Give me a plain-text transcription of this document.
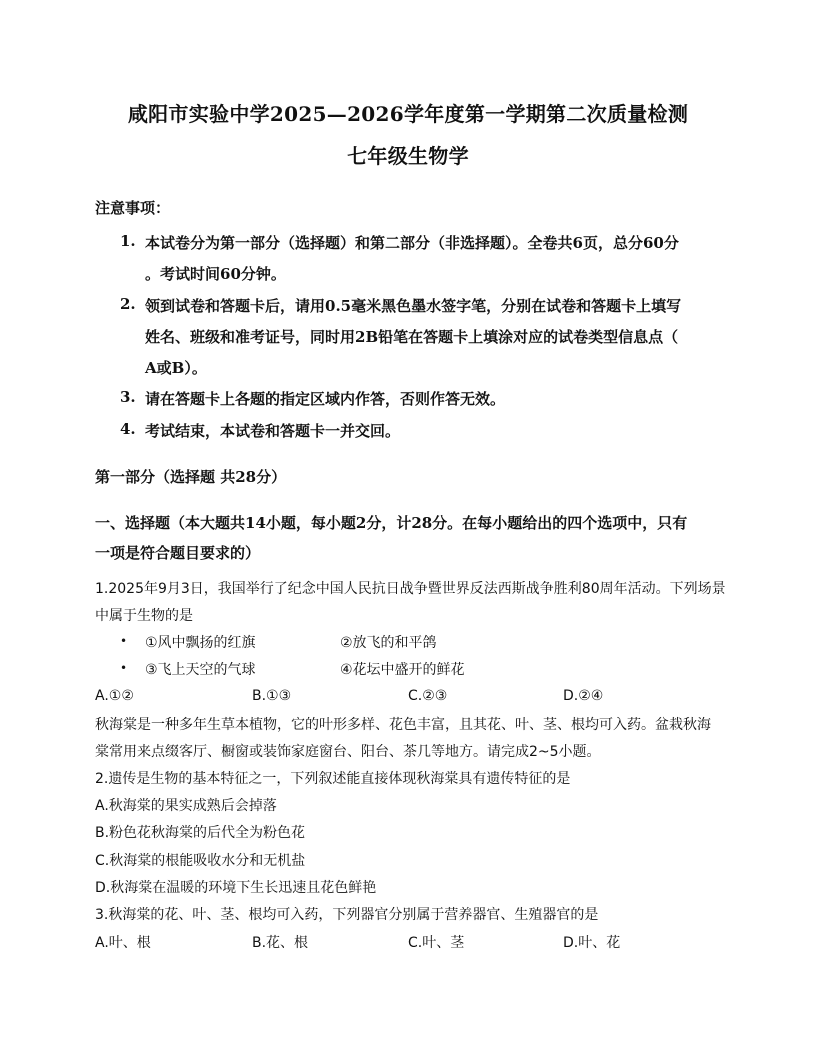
咸阳市实验中学2025—2026学年度第一学期第二次质量检测
七年级生物学
注意事项：
1. 本试卷分为第一部分（选择题）和第二部分（非选择题）。全卷共6页，总分60分
。考试时间60分钟。
2. 领到试卷和答题卡后，请用0.5毫米黑色墨水签字笔，分别在试卷和答题卡上填写
姓名、班级和准考证号，同时用2B铅笔在答题卡上填涂对应的试卷类型信息点（
A或B）。
3. 请在答题卡上各题的指定区域内作答，否则作答无效。
4. 考试结束，本试卷和答题卡一并交回。
第一部分（选择题 共28分）
一、选择题（本大题共14小题，每小题2分，计28分。在每小题给出的四个选项中，只有
一项是符合题目要求的）
1.2025年9月3日，我国举行了纪念中国人民抗日战争暨世界反法西斯战争胜利80周年活动。下列场景
中属于生物的是
• ①风中飘扬的红旗	②放飞的和平鸽
• ③飞上天空的气球	④花坛中盛开的鲜花
A.①②	B.①③	C.②③	D.②④
秋海棠是一种多年生草本植物，它的叶形多样、花色丰富，且其花、叶、茎、根均可入药。盆栽秋海
棠常用来点缀客厅、橱窗或装饰家庭窗台、阳台、茶几等地方。请完成2~5小题。
2.遗传是生物的基本特征之一，下列叙述能直接体现秋海棠具有遗传特征的是
A.秋海棠的果实成熟后会掉落
B.粉色花秋海棠的后代全为粉色花
C.秋海棠的根能吸收水分和无机盐
D.秋海棠在温暖的环境下生长迅速且花色鲜艳
3.秋海棠的花、叶、茎、根均可入药，下列器官分别属于营养器官、生殖器官的是
A.叶、根	B.花、根	C.叶、茎	D.叶、花
